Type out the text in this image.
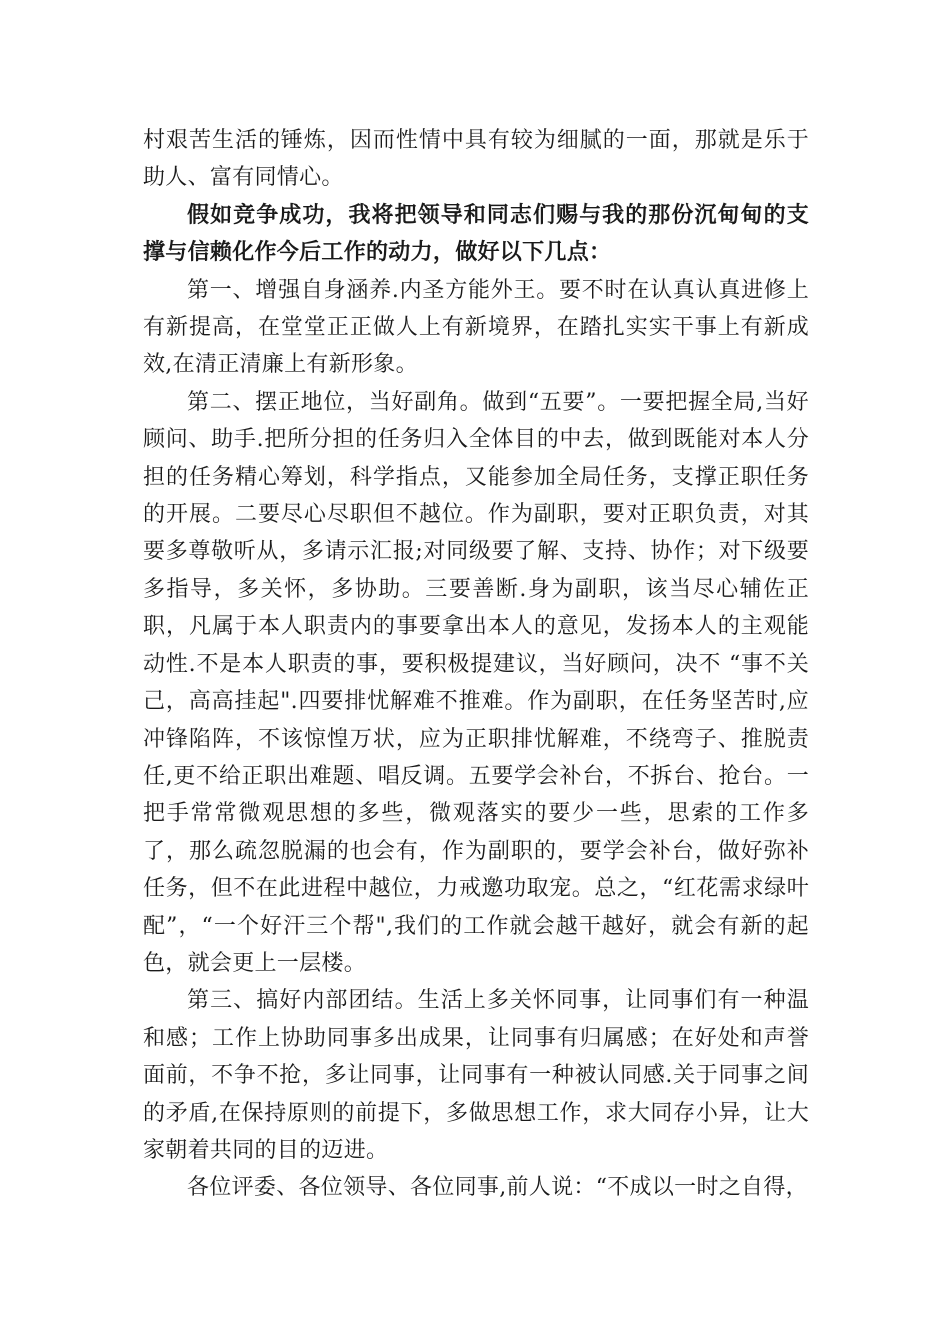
村艰苦生活的锤炼，因而性情中具有较为细腻的一面，那就是乐于助人、富有同情心。

假如竞争成功，我将把领导和同志们赐与我的那份沉甸甸的支撑与信赖化作今后工作的动力，做好以下几点：

第一、增强自身涵养.内圣方能外王。要不时在认真认真进修上有新提高，在堂堂正正做人上有新境界，在踏扎实实干事上有新成效,在清正清廉上有新形象。

第二、摆正地位，当好副角。做到“五要”。一要把握全局,当好顾问、助手.把所分担的任务归入全体目的中去，做到既能对本人分担的任务精心筹划，科学指点，又能参加全局任务，支撑正职任务的开展。二要尽心尽职但不越位。作为副职，要对正职负责，对其要多尊敬听从，多请示汇报;对同级要了解、支持、协作；对下级要多指导，多关怀，多协助。三要善断.身为副职，该当尽心辅佐正职，凡属于本人职责内的事要拿出本人的意见，发扬本人的主观能动性.不是本人职责的事，要积极提建议，当好顾问，决不 “事不关己，高高挂起".四要排忧解难不推难。作为副职，在任务坚苦时,应冲锋陷阵，不该惊惶万状，应为正职排忧解难，不绕弯子、推脱责任,更不给正职出难题、唱反调。五要学会补台，不拆台、抢台。一把手常常微观思想的多些，微观落实的要少一些，思索的工作多了，那么疏忽脱漏的也会有，作为副职的，要学会补台，做好弥补任务，但不在此进程中越位，力戒邀功取宠。总之，“红花需求绿叶配”，“一个好汗三个帮",我们的工作就会越干越好，就会有新的起色，就会更上一层楼。

第三、搞好内部团结。生活上多关怀同事，让同事们有一种温和感；工作上协助同事多出成果，让同事有归属感；在好处和声誉面前，不争不抢，多让同事，让同事有一种被认同感.关于同事之间的矛盾,在保持原则的前提下，多做思想工作，求大同存小异，让大家朝着共同的目的迈进。

各位评委、各位领导、各位同事,前人说：“不成以一时之自得，
